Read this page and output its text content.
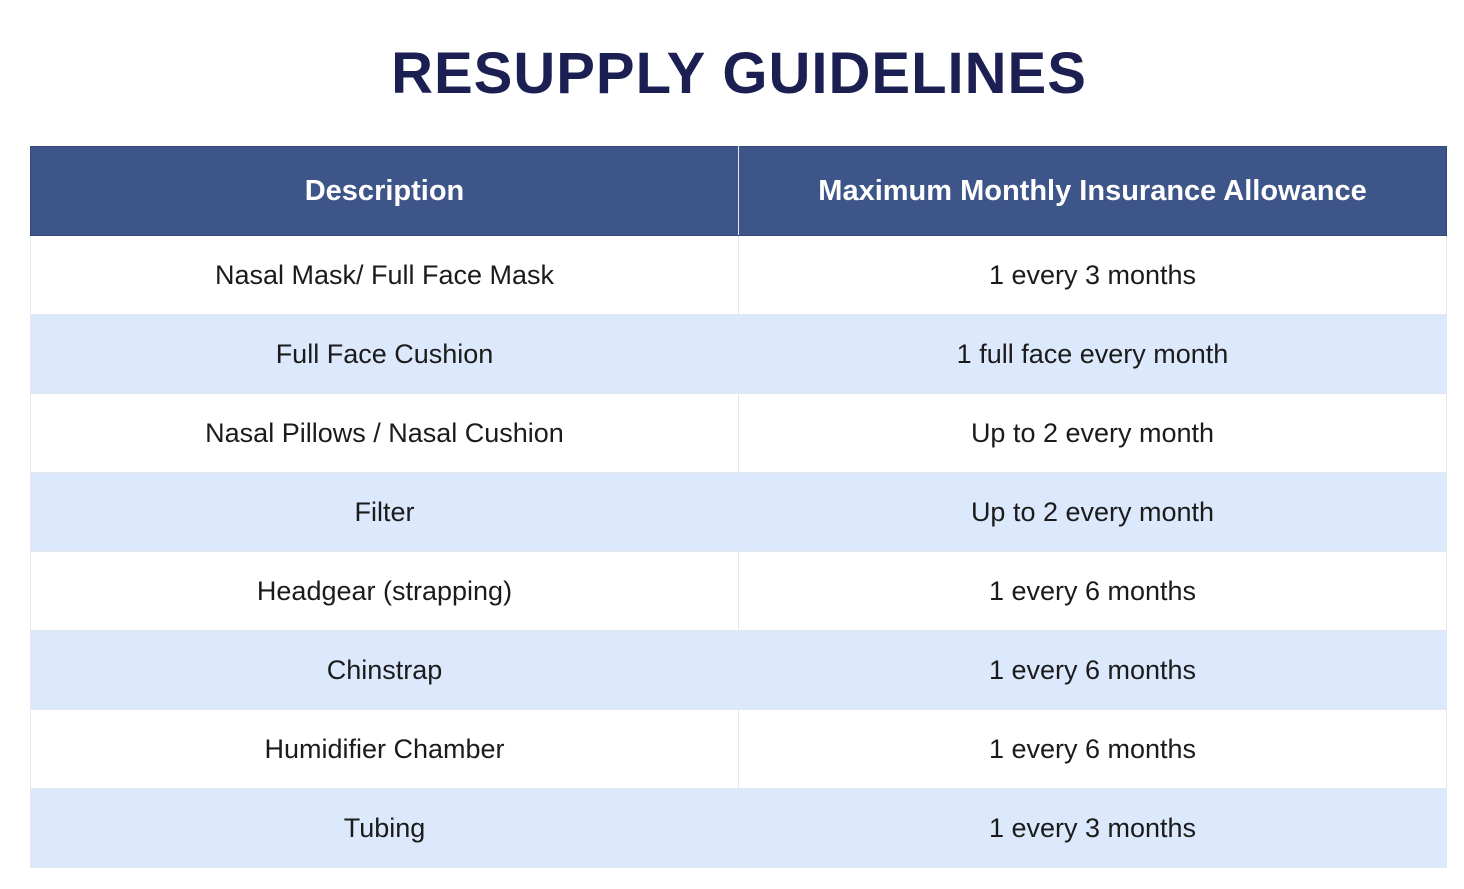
RESUPPLY GUIDELINES
Description	Maximum Monthly Insurance Allowance
Nasal Mask/ Full Face Mask	1 every 3 months
Full Face Cushion	1 full face every month
Nasal Pillows / Nasal Cushion	Up to 2 every month
Filter	Up to 2 every month
Headgear (strapping)	1 every 6 months
Chinstrap	1 every 6 months
Humidifier Chamber	1 every 6 months
Tubing	1 every 3 months
